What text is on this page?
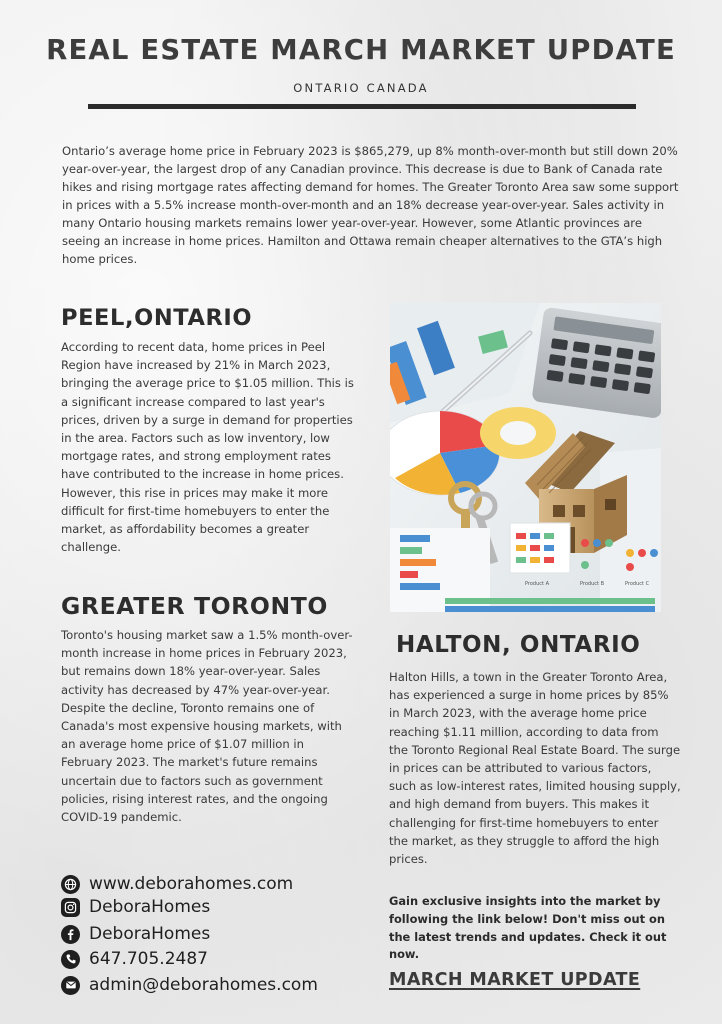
REAL ESTATE MARCH MARKET UPDATE
ONTARIO CANADA
Ontario’s average home price in February 2023 is $865,279, up 8% month-over-month but still down 20% year-over-year, the largest drop of any Canadian province. This decrease is due to Bank of Canada rate hikes and rising mortgage rates affecting demand for homes. The Greater Toronto Area saw some support in prices with a 5.5% increase month-over-month and an 18% decrease year-over-year. Sales activity in many Ontario housing markets remains lower year-over-year. However, some Atlantic provinces are seeing an increase in home prices. Hamilton and Ottawa remain cheaper alternatives to the GTA’s high home prices.
PEEL,ONTARIO
According to recent data, home prices in Peel Region have increased by 21% in March 2023, bringing the average price to $1.05 million. This is a significant increase compared to last year's prices, driven by a surge in demand for properties in the area. Factors such as low inventory, low mortgage rates, and strong employment rates have contributed to the increase in home prices. However, this rise in prices may make it more difficult for first-time homebuyers to enter the market, as affordability becomes a greater challenge.
GREATER TORONTO
Toronto's housing market saw a 1.5% month-over-month increase in home prices in February 2023, but remains down 18% year-over-year. Sales activity has decreased by 47% year-over-year. Despite the decline, Toronto remains one of Canada's most expensive housing markets, with an average home price of $1.07 million in February 2023. The market's future remains uncertain due to factors such as government policies, rising interest rates, and the ongoing COVID-19 pandemic.
Product A	Product B	Product C
HALTON, ONTARIO
Halton Hills, a town in the Greater Toronto Area, has experienced a surge in home prices by 85% in March 2023, with the average home price reaching $1.11 million, according to data from the Toronto Regional Real Estate Board. The surge in prices can be attributed to various factors, such as low-interest rates, limited housing supply, and high demand from buyers. This makes it challenging for first-time homebuyers to enter the market, as they struggle to afford the high prices.
Gain exclusive insights into the market by following the link below! Don't miss out on the latest trends and updates. Check it out now.
MARCH MARKET UPDATE
www.deborahomes.com
DeboraHomes
DeboraHomes
647.705.2487
admin@deborahomes.com
